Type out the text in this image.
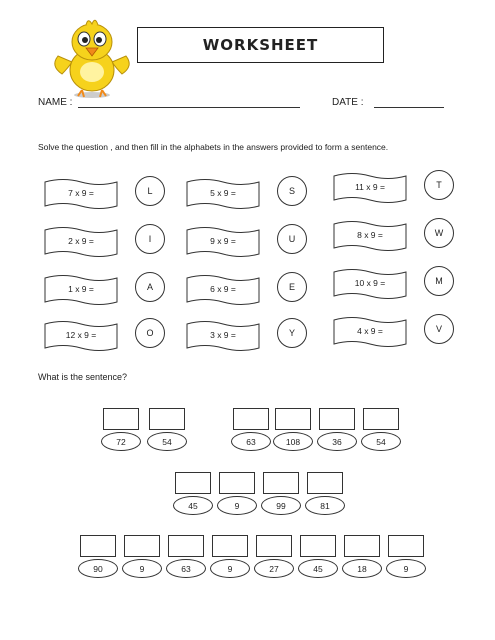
WORKSHEET
NAME :	DATE :
Solve the question , and then fill in the alphabets in the answers provided to form a sentence.
7 x 9 =	L	5 x 9 =	S	11 x 9 =	T
2 x 9 =	I	9 x 9 =	U	8 x 9 =	W
1 x 9 =	A	6 x 9 =	E	10 x 9 =	M
12 x 9 =	O	3 x 9 =	Y	4 x 9 =	V
What is the sentence?
72	54	63	108	36	54
45	9	99	81
90	9	63	9	27	45	18	9
